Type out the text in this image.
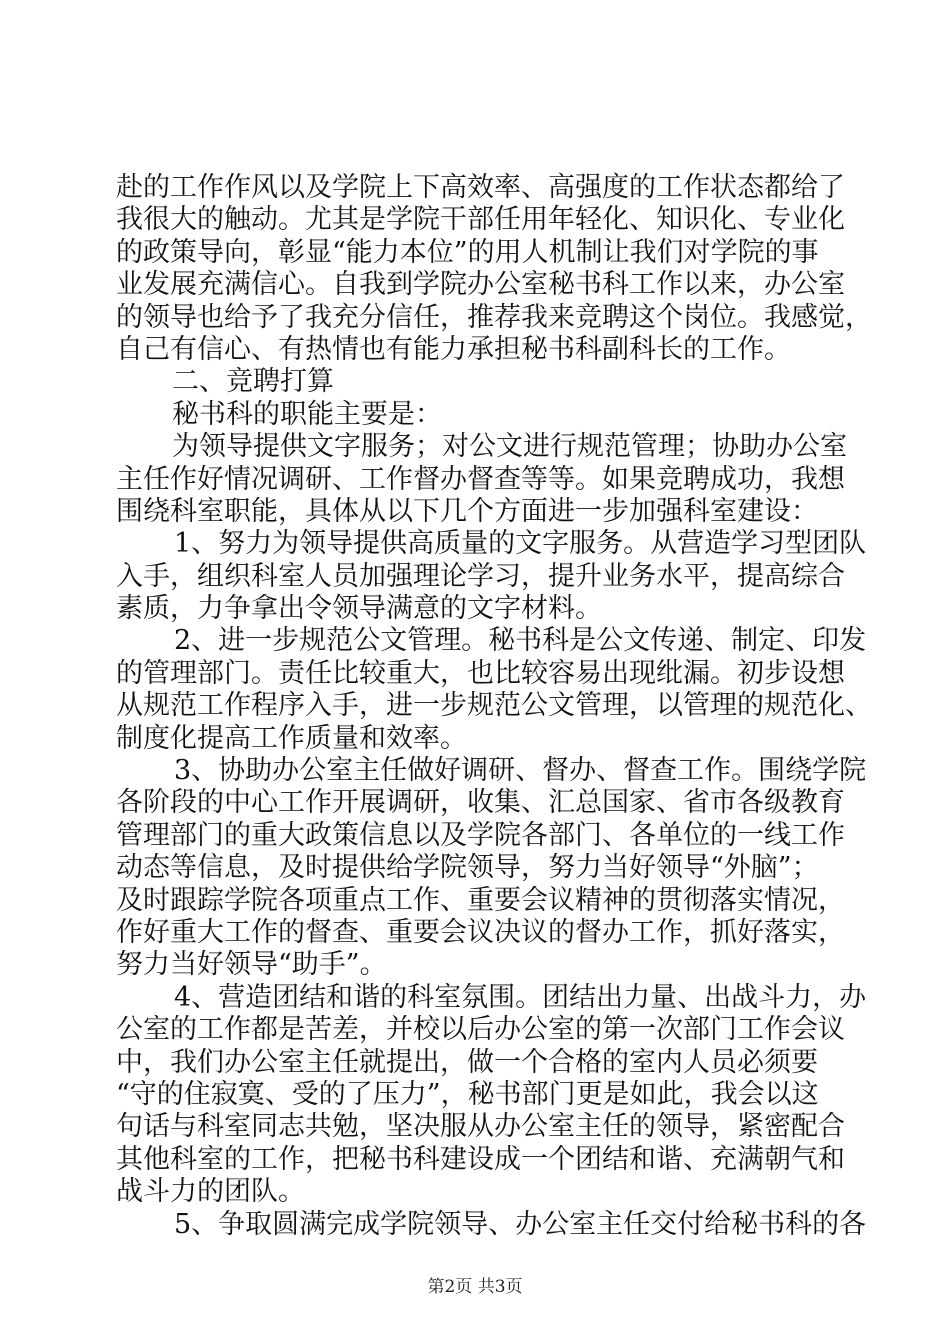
赴的工作作风以及学院上下高效率、高强度的工作状态都给了
我很大的触动。尤其是学院干部任用年轻化、知识化、专业化
的政策导向，彰显“能力本位”的用人机制让我们对学院的事
业发展充满信心。自我到学院办公室秘书科工作以来，办公室
的领导也给予了我充分信任，推荐我来竞聘这个岗位。我感觉，
自己有信心、有热情也有能力承担秘书科副科长的工作。
二、竞聘打算
秘书科的职能主要是：
为领导提供文字服务；对公文进行规范管理；协助办公室
主任作好情况调研、工作督办督查等等。如果竞聘成功，我想
围绕科室职能，具体从以下几个方面进一步加强科室建设：
1、努力为领导提供高质量的文字服务。从营造学习型团队
入手，组织科室人员加强理论学习，提升业务水平，提高综合
素质，力争拿出令领导满意的文字材料。
2、进一步规范公文管理。秘书科是公文传递、制定、印发
的管理部门。责任比较重大，也比较容易出现纰漏。初步设想
从规范工作程序入手，进一步规范公文管理，以管理的规范化、
制度化提高工作质量和效率。
3、协助办公室主任做好调研、督办、督查工作。围绕学院
各阶段的中心工作开展调研，收集、汇总国家、省市各级教育
管理部门的重大政策信息以及学院各部门、各单位的一线工作
动态等信息，及时提供给学院领导，努力当好领导“外脑”；
及时跟踪学院各项重点工作、重要会议精神的贯彻落实情况，
作好重大工作的督查、重要会议决议的督办工作，抓好落实，
努力当好领导“助手”。
4、营造团结和谐的科室氛围。团结出力量、出战斗力，办
公室的工作都是苦差，并校以后办公室的第一次部门工作会议
中，我们办公室主任就提出，做一个合格的室内人员必须要
“守的住寂寞、受的了压力”，秘书部门更是如此，我会以这
句话与科室同志共勉，坚决服从办公室主任的领导，紧密配合
其他科室的工作，把秘书科建设成一个团结和谐、充满朝气和
战斗力的团队。
5、争取圆满完成学院领导、办公室主任交付给秘书科的各
第2页 共3页
